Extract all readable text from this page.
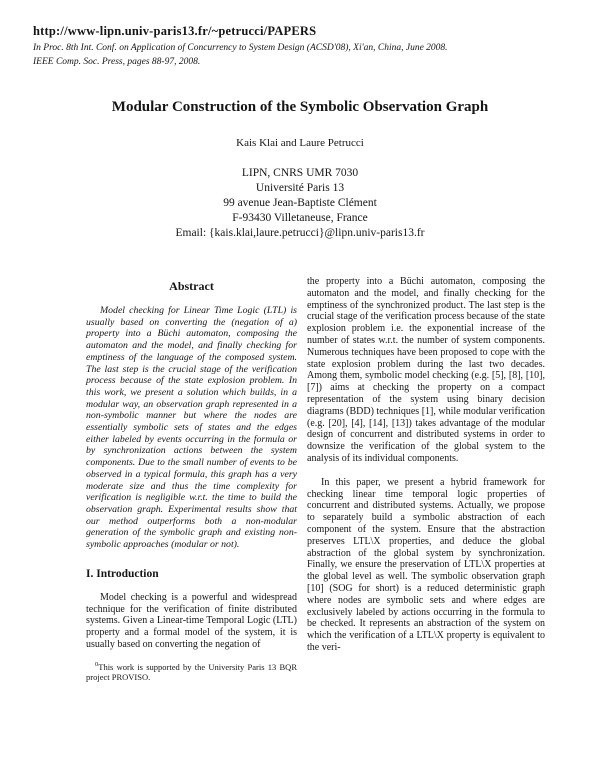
http://www-lipn.univ-paris13.fr/~petrucci/PAPERS
In Proc. 8th Int. Conf. on Application of Concurrency to System Design (ACSD'08), Xi'an, China, June 2008.
IEEE Comp. Soc. Press, pages 88-97, 2008.
Modular Construction of the Symbolic Observation Graph
Kais Klai and Laure Petrucci
LIPN, CNRS UMR 7030
Université Paris 13
99 avenue Jean-Baptiste Clément
F-93430 Villetaneuse, France
Email: {kais.klai,laure.petrucci}@lipn.univ-paris13.fr
Abstract

Model checking for Linear Time Logic (LTL) is usually based on converting the (negation of a) property into a Büchi automaton, composing the automaton and the model, and finally checking for emptiness of the language of the composed system. The last step is the crucial stage of the verification process because of the state explosion problem. In this work, we present a solution which builds, in a modular way, an observation graph represented in a non-symbolic manner but where the nodes are essentially symbolic sets of states and the edges either labeled by events occurring in the formula or by synchronization actions between the system components. Due to the small number of events to be observed in a typical formula, this graph has a very moderate size and thus the time complexity for verification is negligible w.r.t. the time to build the observation graph. Experimental results show that our method outperforms both a non-modular generation of the symbolic graph and existing non-symbolic approaches (modular or not).

I. Introduction

Model checking is a powerful and widespread technique for the verification of finite distributed systems. Given a Linear-time Temporal Logic (LTL) property and a formal model of the system, it is usually based on converting the negation of

$^0$This work is supported by the University Paris 13 BQR project PROVISO.

the property into a Büchi automaton, composing the automaton and the model, and finally checking for the emptiness of the synchronized product. The last step is the crucial stage of the verification process because of the state explosion problem i.e. the exponential increase of the number of states w.r.t. the number of system components. Numerous techniques have been proposed to cope with the state explosion problem during the last two decades. Among them, symbolic model checking (e.g. [5], [8], [10], [7]) aims at checking the property on a compact representation of the system using binary decision diagrams (BDD) techniques [1], while modular verification (e.g. [20], [4], [14], [13]) takes advantage of the modular design of concurrent and distributed systems in order to downsize the verification of the global system to the analysis of its individual components.

In this paper, we present a hybrid framework for checking linear time temporal logic properties of concurrent and distributed systems. Actually, we propose to separately build a symbolic abstraction of each component of the system. Ensure that the abstraction preserves LTL\X properties, and deduce the global abstraction of the global system by synchronization. Finally, we ensure the preservation of LTL\X properties at the global level as well. The symbolic observation graph [10] (SOG for short) is a reduced deterministic graph where nodes are symbolic sets and where edges are exclusively labeled by actions occurring in the formula to be checked. It represents an abstraction of the system on which the verification of a LTL\X property is equivalent to the veri-
